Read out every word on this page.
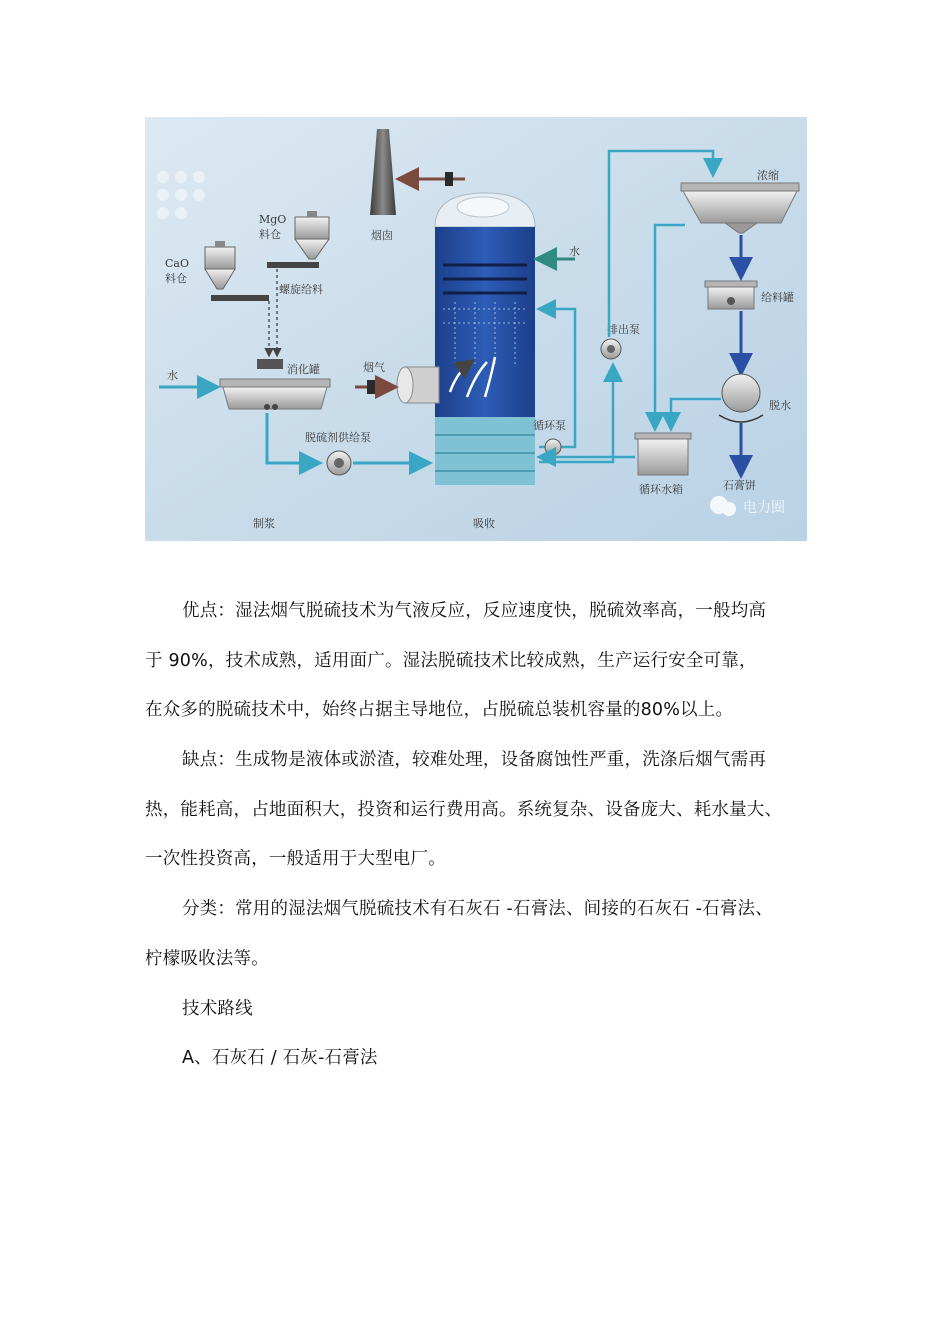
烟囱
吸收
烟气
MgO
料仓
螺旋给料
CaO
料仓
消化罐
水
脱硫剂供给泵
制浆
水
循环泵
排出泵
浓缩
给料罐
脱水
石膏饼
循环水箱
电力圈

优点：湿法烟气脱硫技术为气液反应，反应速度快，脱硫效率高，一般均高
于 90%，技术成熟，适用面广。湿法脱硫技术比较成熟，生产运行安全可靠，
在众多的脱硫技术中，始终占据主导地位，占脱硫总装机容量的80%以上。

缺点：生成物是液体或淤渣，较难处理，设备腐蚀性严重，洗涤后烟气需再
热，能耗高，占地面积大，投资和运行费用高。系统复杂、设备庞大、耗水量大、
一次性投资高，一般适用于大型电厂。

分类：常用的湿法烟气脱硫技术有石灰石 -石膏法、间接的石灰石 -石膏法、
柠檬吸收法等。

技术路线

A、石灰石 / 石灰-石膏法
